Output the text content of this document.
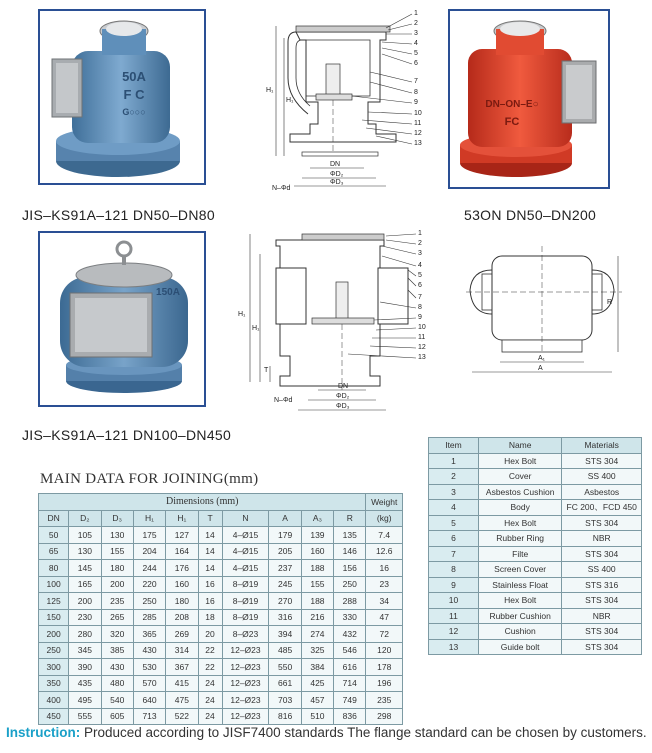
50A
F C
G○○○
JIS–KS91A–121 DN50–DN80
DN–ON–E○
FC
53ON DN50–DN200
150A
JIS–KS91A–121 DN100–DN450
H₁
H₁
DN
ΦD₂
ΦD₃
N–Φd
1
2
3
4
5
6
7
8
9
10
11
12
13
H₁
H₁
T
DN
ΦD₂
ΦD₃
N–Φd
1
2
3
4
5
6
7
8
9
10
11
12
13
R
A₁
A
MAIN DATA FOR JOINING(mm)
Dimensions (mm)										Weight
DN	D₂	D₃	H₁	H₁	T	N	A	A₃	R	(kg)
50	105	130	175	127	14	4–Ø15	179	139	135	7.4
65	130	155	204	164	14	4–Ø15	205	160	146	12.6
80	145	180	244	176	14	4–Ø15	237	188	156	16
100	165	200	220	160	16	8–Ø19	245	155	250	23
125	200	235	250	180	16	8–Ø19	270	188	288	34
150	230	265	285	208	18	8–Ø19	316	216	330	47
200	280	320	365	269	20	8–Ø23	394	274	432	72
250	345	385	430	314	22	12–Ø23	485	325	546	120
300	390	430	530	367	22	12–Ø23	550	384	616	178
350	435	480	570	415	24	12–Ø23	661	425	714	196
400	495	540	640	475	24	12–Ø23	703	457	749	235
450	555	605	713	522	24	12–Ø23	816	510	836	298
Item	Name	Materials
1	Hex Bolt	STS 304
2	Cover	SS 400
3	Asbestos Cushion	Asbestos
4	Body	FC 200、FCD 450
5	Hex Bolt	STS 304
6	Rubber Ring	NBR
7	Filte	STS 304
8	Screen Cover	SS 400
9	Stainless Float	STS 316
10	Hex Bolt	STS 304
11	Rubber Cushion	NBR
12	Cushion	STS 304
13	Guide bolt	STS 304
Instruction: Produced according to JISF7400 standards The flange standard can be chosen by customers.
